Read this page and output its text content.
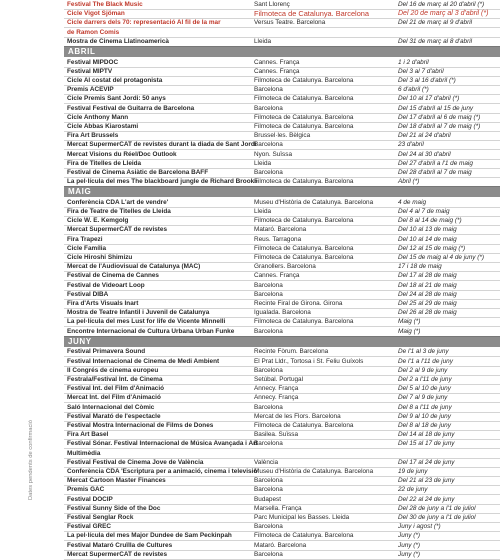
Festival The Black Music	Sant Llorenç	Del 16 de març al 20 d'abril (*)
Cicle Vigot Sjöman	Filmoteca de Catalunya. Barcelona	Del 20 de març al 3 d'abril (*)
Cicle darrers dels 70: representació Al fil de la mar	Versus Teatre. Barcelona	Del 21 de març al 9 d'abril
de Ramon Comis
Mostra de Cinema Llatinoamericà	Lleida	Del 31 de març al 8 d'abril
ABRIL
Festival MIPDOC	Cannes. França	1 i 2 d'abril
Festival MIPTV	Cannes. França	Del 3 al 7 d'abril
Cicle Al costat del protagonista	Filmoteca de Catalunya. Barcelona	Del 3 al 16 d'abril (*)
Premis ACEVIP	Barcelona	6 d'abril (*)
Cicle Premis Sant Jordi: 50 anys	Filmoteca de Catalunya. Barcelona	Del 10 al 17 d'abril (*)
Festival Festival de Guitarra de Barcelona	Barcelona	Del 15 d'abril al 15 de juny
Cicle Anthony Mann	Filmoteca de Catalunya. Barcelona	Del 17 d'abril al 6 de maig (*)
Cicle Abbas Kiarostami	Filmoteca de Catalunya. Barcelona	Del 18 d'abril al 7 de maig (*)
Fira Art Brussels	Brussel·les. Bèlgica	Del 21 al 24 d'abril
Mercat SupermerCAT de revistes durant la diada de Sant Jordi
Barcelona	23 d'abril
Mercat Visions du Réel/Doc Outlook	Nyon. Suïssa	Del 24 al 30 d'abril
Fira de Titelles de Lleida	Lleida	Del 27 d'abril a l'1 de maig
Festival de Cinema Asiàtic de Barcelona BAFF	Barcelona	Del 28 d'abril al 7 de maig
La pel·lícula del mes The blackboard jungle de Richard Brooks
Filmoteca de Catalunya. Barcelona	Abril (*)
MAIG
Conferència CDA L'art de vendre'	Museu d'Història de Catalunya. Barcelona	4 de maig
Fira de Teatre de Titelles de Lleida	Lleida	Del 4 al 7 de maig
Cicle W. E. Kemgolg	Filmoteca de Catalunya. Barcelona	Del 8 al 14 de maig (*)
Mercat SupermerCAT de revistes	Mataró. Barcelona	Del 10 al 13 de maig
Fira Trapezi	Reus. Tarragona	Del 10 al 14 de maig
Cicle Família	Filmoteca de Catalunya. Barcelona	Del 12 al 15 de maig (*)
Cicle Hiroshi Shimizu	Filmoteca de Catalunya. Barcelona	Del 15 de maig al 4 de juny (*)
Mercat de l'Audiovisual de Catalunya (MAC)	Granollers. Barcelona	17 i 18 de maig
Festival de Cinema de Cannes	Cannes. França	Del 17 al 28 de maig
Festival de Videoart Loop	Barcelona	Del 18 al 21 de maig
Festival DIBA	Barcelona	Del 24 al 28 de maig
Fira d'Arts Visuals Inart	Recinte Firal de Girona. Girona	Del 25 al 29 de maig
Mostra de Teatre Infantil i Juvenil de Catalunya	Igualada. Barcelona	Del 26 al 28 de maig
La pel·lícula del mes Lust for life de Vicente Minnelli	Filmoteca de Catalunya. Barcelona	Maig (*)
Encontre Internacional de Cultura Urbana Urban Funke	Barcelona	Maig (*)
JUNY
Festival Primavera Sound	Recinte Fòrum. Barcelona	De l'1 al 3 de juny
Festival Internacional de Cinema de Medi Ambient	El Prat Lldr., Tortosa i St. Feliu Guíxols	De l'1 a l'11 de juny
II Congrés de cinema europeu	Barcelona	Del 2 al 9 de juny
Festrala/Festival Int. de Cinema	Setúbal. Portugal	Del 2 a l'11 de juny
Festival Int. del Film d'Animació	Annecy. França	Del 5 al 10 de juny
Mercat Int. del Film d'Animació	Annecy. França	Del 7 al 9 de juny
Saló Internacional del Còmic	Barcelona	Del 8 a l'11 de juny
Festival Marató de l'espectacle	Mercat de les Flors. Barcelona	Del 9 al 10 de juny
Festival Mostra Internacional de Films de Dones	Filmoteca de Catalunya. Barcelona	Del 8 al 18 de juny
Fira Art Basel	Basilea. Suïssa	Del 14 al 18 de juny
Festival Sónar. Festival Internacional de Música Avançada i Art
Barcelona	Del 15 al 17 de juny
Multimèdia
Festival Festival de Cinema Jove de València	València	Del 17 al 24 de juny
Conferència CDA 'Escriptura per a animació, cinema i televisió'
Museu d'Història de Catalunya. Barcelona	19 de juny
Mercat Cartoon Master Finances	Barcelona	Del 21 al 23 de juny
Premis GAC	Barcelona	22 de juny
Festival DOCIP	Budapest	Del 22 al 24 de juny
Festival Sunny Side of the Doc	Marsella. França	Del 28 de juny a l'1 de juliol
Festival Senglar Rock	Parc Municipal les Basses. Lleida	Del 30 de juny a l'1 de juliol
Festival GREC	Barcelona	Juny i agost (*)
La pel·lícula del mes Major Dundee de Sam Peckinpah	Filmoteca de Catalunya. Barcelona	Juny (*)
Festival Mataró Cruïlla de Cultures	Mataró. Barcelona	Juny (*)
Mercat SupermerCAT de revistes	Barcelona	Juny (*)
Dates pendents de confirmació
